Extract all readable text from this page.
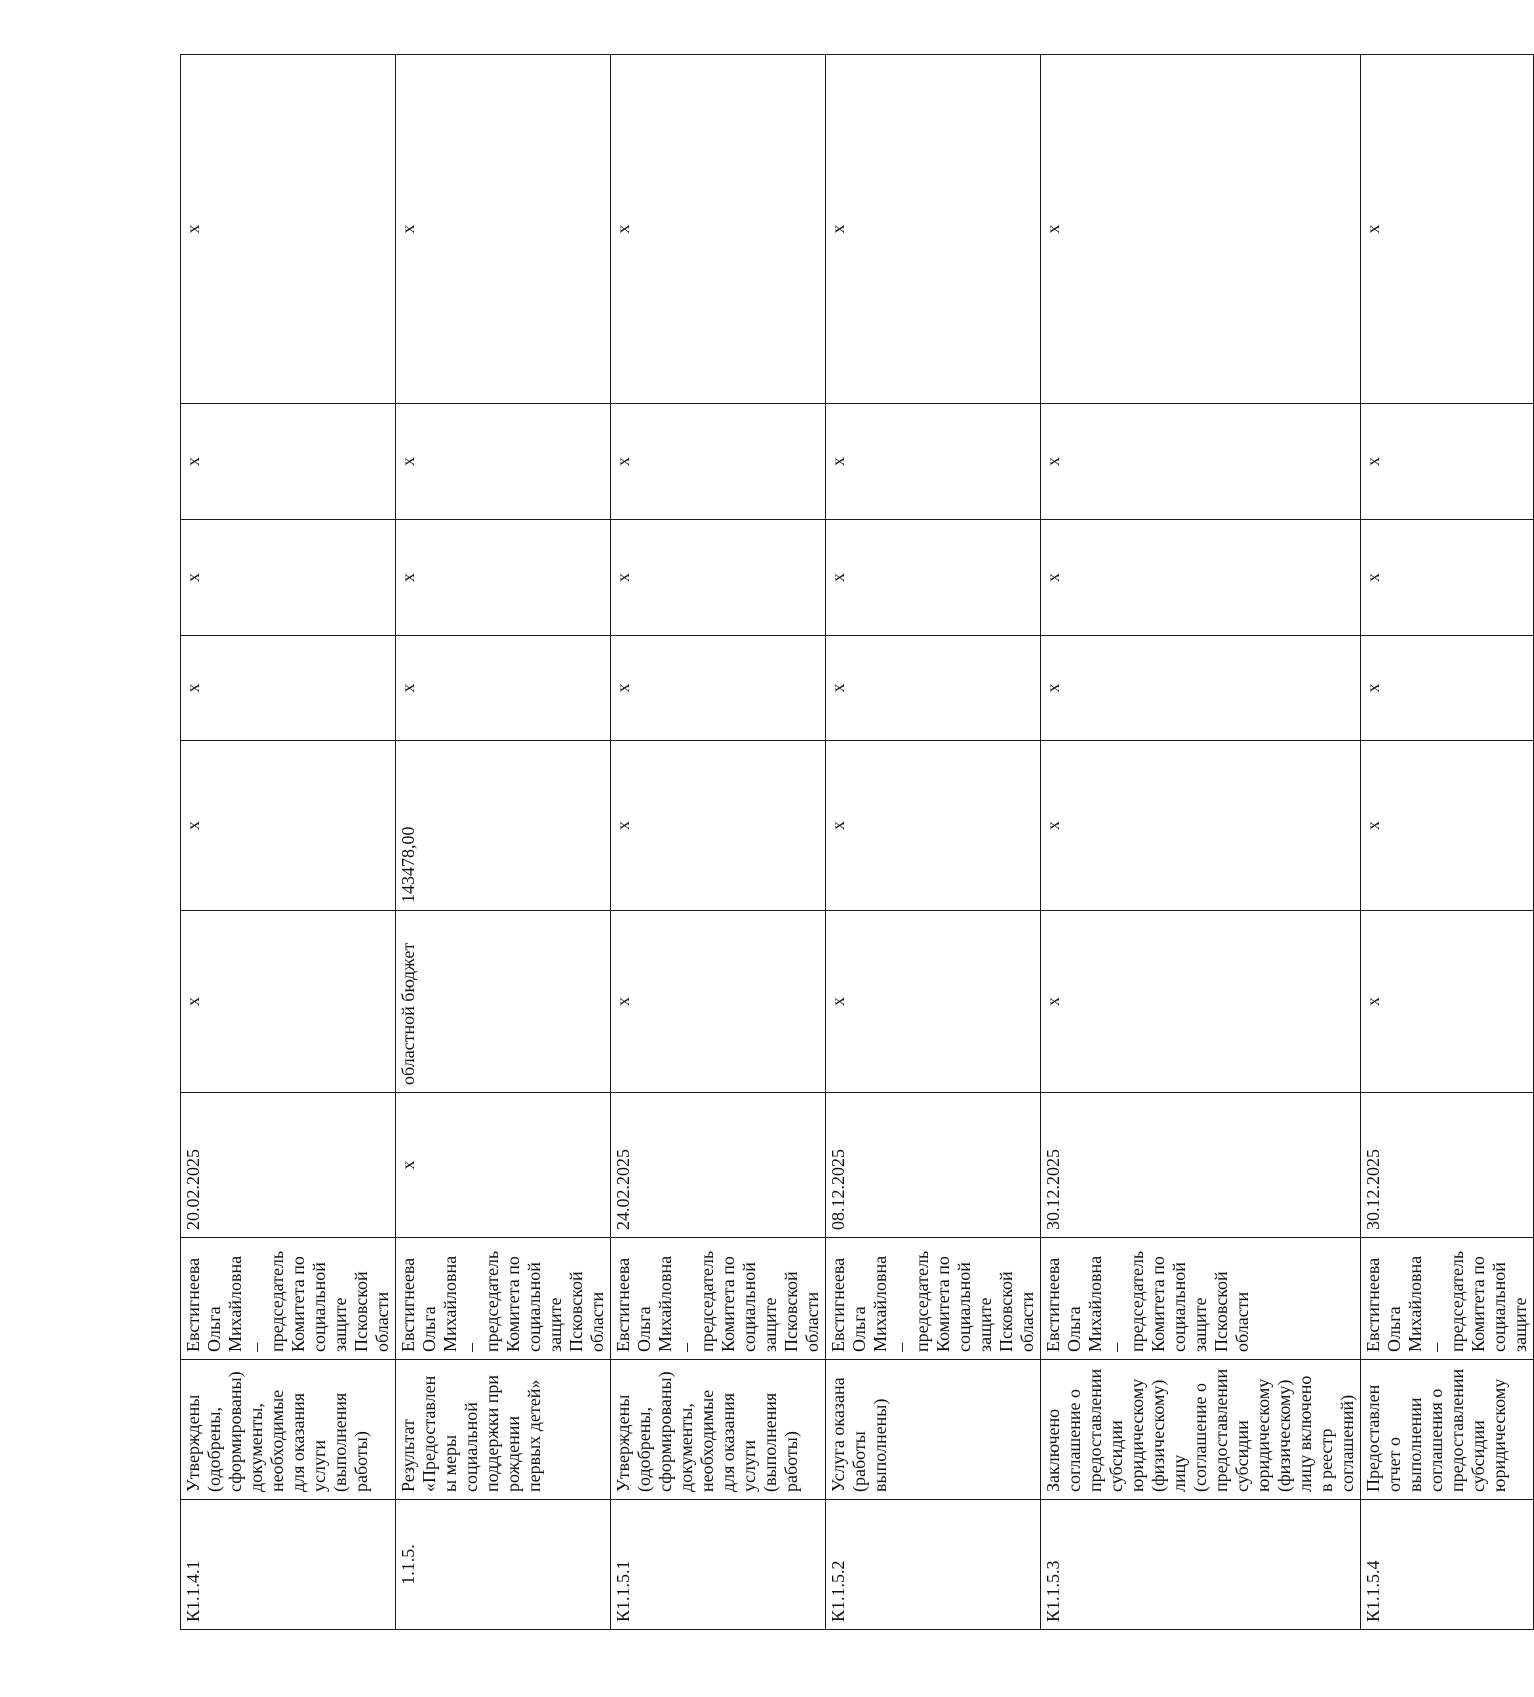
К1.1.4.1	Утверждены (одобрены, сформированы) документы, необходимые для оказания услуги (выполнения работы)	Евстигнеева Ольга Михайловна – председатель Комитета по социальной защите Псковской области	20.02.2025	х	х	х	х	х	х
1.1.5.	Результат «Предоставлены меры социальной поддержки при рождении первых детей»	Евстигнеева Ольга Михайловна – председатель Комитета по социальной защите Псковской области	х	областной бюджет	143478,00	х	х	х	х
К1.1.5.1	Утверждены (одобрены, сформированы) документы, необходимые для оказания услуги (выполнения работы)	Евстигнеева Ольга Михайловна – председатель Комитета по социальной защите Псковской области	24.02.2025	х	х	х	х	х	х
К1.1.5.2	Услуга оказана (работы выполнены)	Евстигнеева Ольга Михайловна – председатель Комитета по социальной защите Псковской области	08.12.2025	х	х	х	х	х	х
К1.1.5.3	Заключено соглашение о предоставлении субсидии юридическому (физическому) лицу (соглашение о предоставлении субсидии юридическому (физическому) лицу включено в реестр соглашений)	Евстигнеева Ольга Михайловна – председатель Комитета по социальной защите Псковской области	30.12.2025	х	х	х	х	х	х
К1.1.5.4	Предоставлен отчет о выполнении соглашения о предоставлении субсидии юридическому	Евстигнеева Ольга Михайловна – председатель Комитета по социальной защите	30.12.2025	х	х	х	х	х	х
